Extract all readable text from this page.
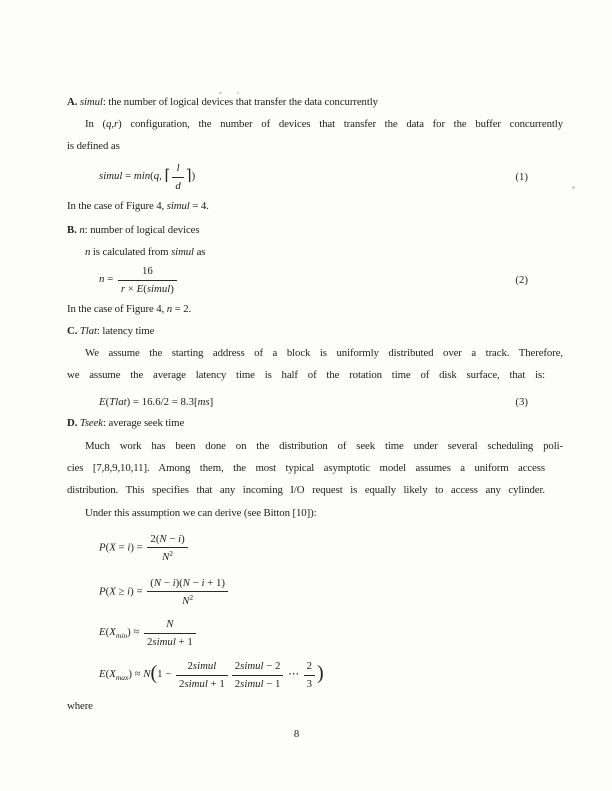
A. simul: the number of logical devices that transfer the data concurrently
In (q,r) configuration, the number of devices that transfer the data for the buffer concurrently
is defined as
simul = min(q, ⌈ $\frac{l}{d}$ ⌉)	(1)
In the case of Figure 4, simul = 4.
B. n: number of logical devices
n is calculated from simul as
$n = \frac{16}{\text{r × E(simul)}}$	(2)
In the case of Figure 4, n = 2.
C. Tlat: latency time
We assume the starting address of a block is uniformly distributed over a track. Therefore,
we assume the average latency time is half of the rotation time of disk surface, that is:
E(Tlat) = 16.6/2 = 8.3[ms]	(3)
D. Tseek: average seek time
Much work has been done on the distribution of seek time under several scheduling poli-
cies [7,8,9,10,11]. Among them, the most typical asymptotic model assumes a uniform access
distribution. This specifies that any incoming I/O request is equally likely to access any cylinder.
Under this assumption we can derive (see Bitton [10]):
$P(X = i) = \frac{2(N - i)}{N^2}$
$P(X \ge i) = \frac{(N - i)(N - i + 1)}{N^2}$
$E(X_{min}) \approx \frac{N}{\text{2simul + 1}}$
$E(X_{max}) \approx N(1 - \frac{\text{2simul}}{\text{2simul + 1}} \frac{\text{2simul − 2}}{\text{2simul − 1}}$ ⋯ $\frac{2}{3}$ )
where
8
